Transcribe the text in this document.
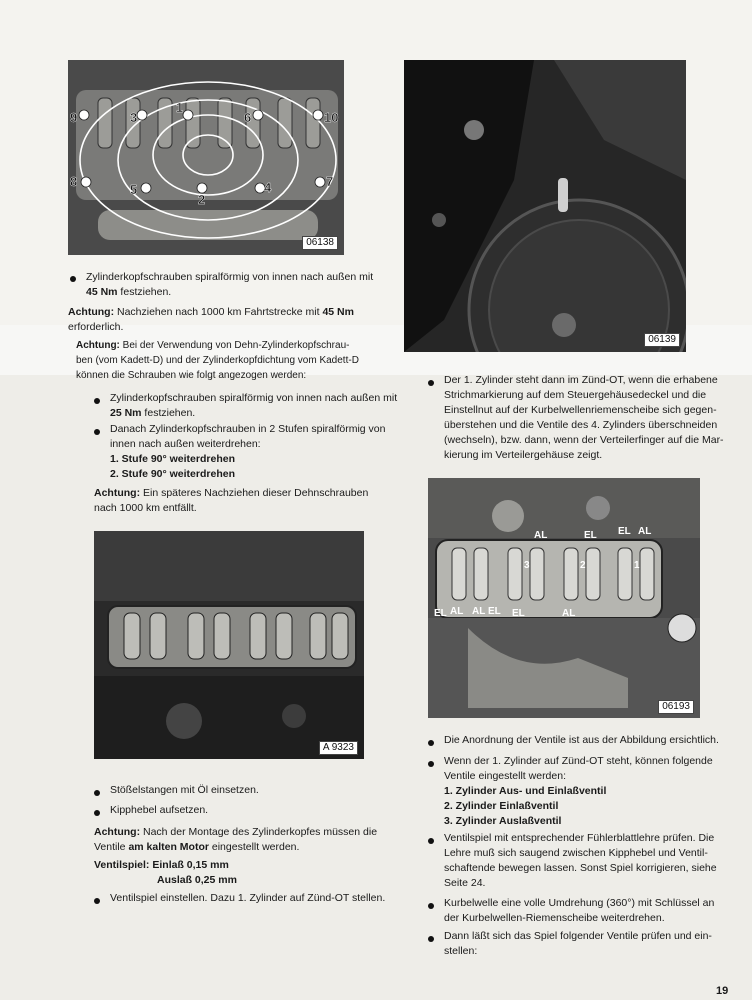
9	3
1
6	10
8
5
2
4	7
06138
06139
Zylinderkopfschrauben spiralförmig von innen nach außen mit 45 Nm festziehen.
Achtung: Nachziehen nach 1000 km Fahrtstrecke mit 45 Nm
erforderlich.
Achtung: Bei der Verwendung von Dehn-Zylinderkopfschrau-
ben (vom Kadett-D) und der Zylinderkopfdichtung vom Kadett-D
können die Schrauben wie folgt angezogen werden:
Zylinderkopfschrauben spiralförmig von innen nach außen mit 25 Nm festziehen.
Danach Zylinderkopfschrauben in 2 Stufen spiralförmig von
innen nach außen weiterdrehen:
1. Stufe 90° weiterdrehen
2. Stufe 90° weiterdrehen
Achtung: Ein späteres Nachziehen dieser Dehnschrauben
nach 1000 km entfällt.
A 9323
Stößelstangen mit Öl einsetzen.
Kipphebel aufsetzen.
Achtung: Nach der Montage des Zylinderkopfes müssen die
Ventile am kalten Motor eingestellt werden.
Ventilspiel: Einlaß 0,15 mm
Auslaß 0,25 mm
Ventilspiel einstellen. Dazu 1. Zylinder auf Zünd-OT stellen.
Der 1. Zylinder steht dann im Zünd-OT, wenn die erhabene
Strichmarkierung auf dem Steuergehäusedeckel und die
Einstellnut auf der Kurbelwellenriemenscheibe sich gegen-
überstehen und die Ventile des 4. Zylinders überschneiden
(wechseln), bzw. dann, wenn der Verteilerfinger auf die Mar-
kierung im Verteilergehäuse zeigt.
AL	EL EL AL
EL AL
3	2	1
AL EL EL	AL
06193
Die Anordnung der Ventile ist aus der Abbildung ersichtlich.
Wenn der 1. Zylinder auf Zünd-OT steht, können folgende
Ventile eingestellt werden:
1. Zylinder Aus- und Einlaßventil
2. Zylinder Einlaßventil
3. Zylinder Auslaßventil
Ventilspiel mit entsprechender Fühlerblattlehre prüfen. Die
Lehre muß sich saugend zwischen Kipphebel und Ventil-
schaftende bewegen lassen. Sonst Spiel korrigieren, siehe
Seite 24.
Kurbelwelle eine volle Umdrehung (360°) mit Schlüssel an
der Kurbelwellen-Riemenscheibe weiterdrehen.
Dann läßt sich das Spiel folgender Ventile prüfen und ein-
stellen:
19
